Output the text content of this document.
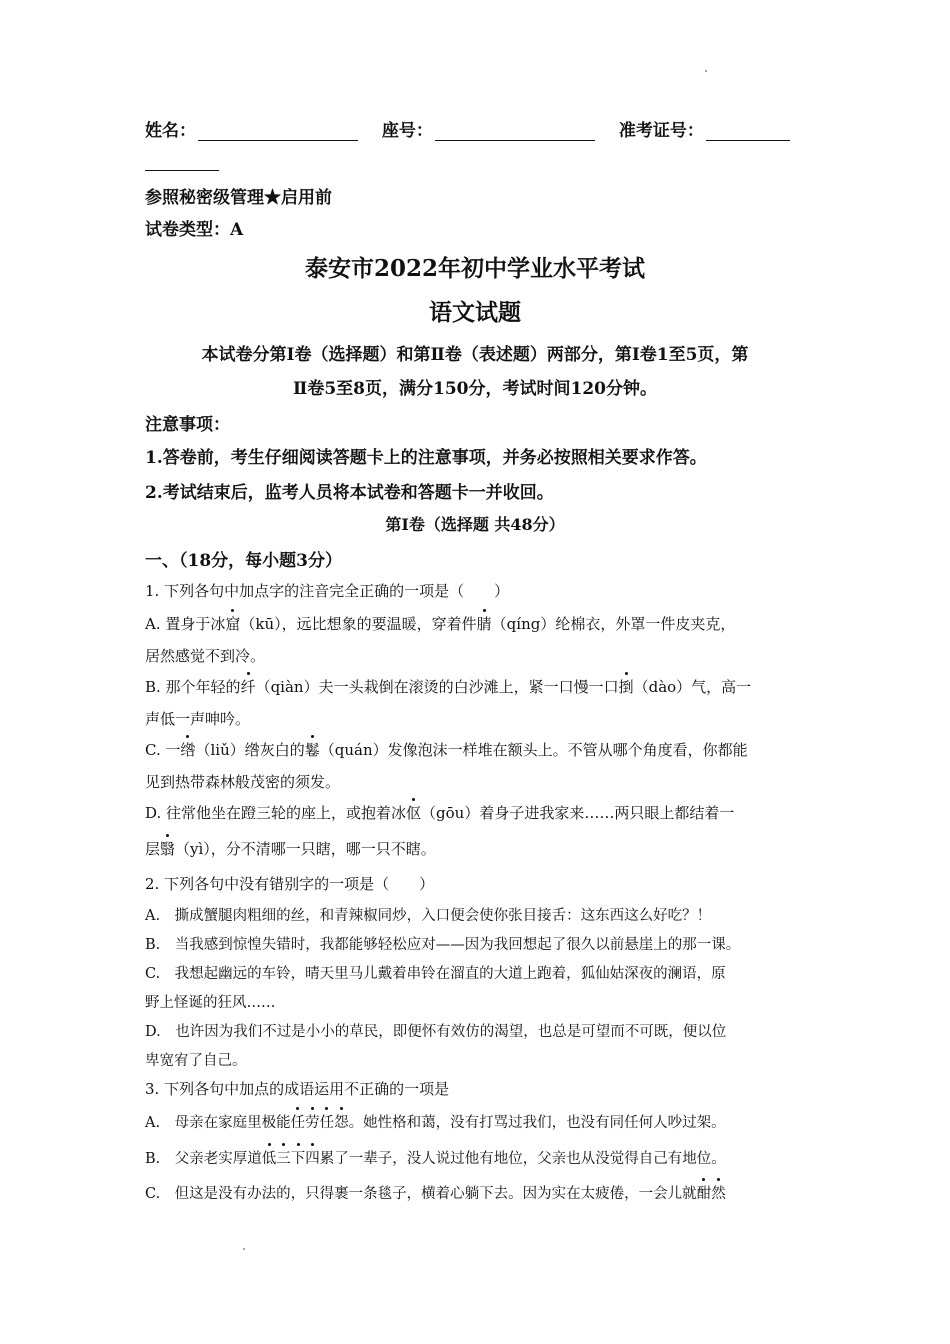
姓名：	座号：	准考证号：
参照秘密级管理★启用前
试卷类型：A
泰安市2022年初中学业水平考试
语文试题
本试卷分第Ⅰ卷（选择题）和第Ⅱ卷（表述题）两部分，第Ⅰ卷1至5页，第
Ⅱ卷5至8页，满分150分，考试时间120分钟。
注意事项：
1.答卷前，考生仔细阅读答题卡上的注意事项，并务必按照相关要求作答。
2.考试结束后，监考人员将本试卷和答题卡一并收回。
第Ⅰ卷（选择题 共48分）
一、（18分，每小题3分）
1. 下列各句中加点字的注音完全正确的一项是（　　）
A. 置身于冰窟（kū），远比想象的要温暖，穿着件腈（qíng）纶棉衣，外罩一件皮夹克，
居然感觉不到冷。
B. 那个年轻的纤（qiàn）夫一头栽倒在滚烫的白沙滩上，紧一口慢一口捯（dào）气，高一
声低一声呻吟。
C. 一绺（liǔ）绺灰白的鬈（quán）发像泡沫一样堆在额头上。不管从哪个角度看，你都能
见到热带森林般茂密的须发。
D. 往常他坐在蹬三轮的座上，或抱着冰伛（gōu）着身子进我家来……两只眼上都结着一
层翳（yì），分不清哪一只瞎，哪一只不瞎。
2. 下列各句中没有错别字的一项是（　　）
A.　撕成蟹腿肉粗细的丝，和青辣椒同炒，入口便会使你张目接舌：这东西这么好吃？！
B.　当我感到惊惶失错时，我都能够轻松应对——因为我回想起了很久以前悬崖上的那一课。
C.　我想起幽远的车铃，晴天里马儿戴着串铃在溜直的大道上跑着，狐仙姑深夜的澜语，原
野上怪诞的狂风……
D.　也许因为我们不过是小小的草民，即便怀有效仿的渴望，也总是可望而不可既，便以位
卑宽宥了自己。
3. 下列各句中加点的成语运用不正确的一项是
A.　母亲在家庭里极能任劳任怨。她性格和蔼，没有打骂过我们，也没有同任何人吵过架。
B.　父亲老实厚道低三下四累了一辈子，没人说过他有地位，父亲也从没觉得自己有地位。
C.　但这是没有办法的，只得裹一条毯子，横着心躺下去。因为实在太疲倦，一会儿就酣然
